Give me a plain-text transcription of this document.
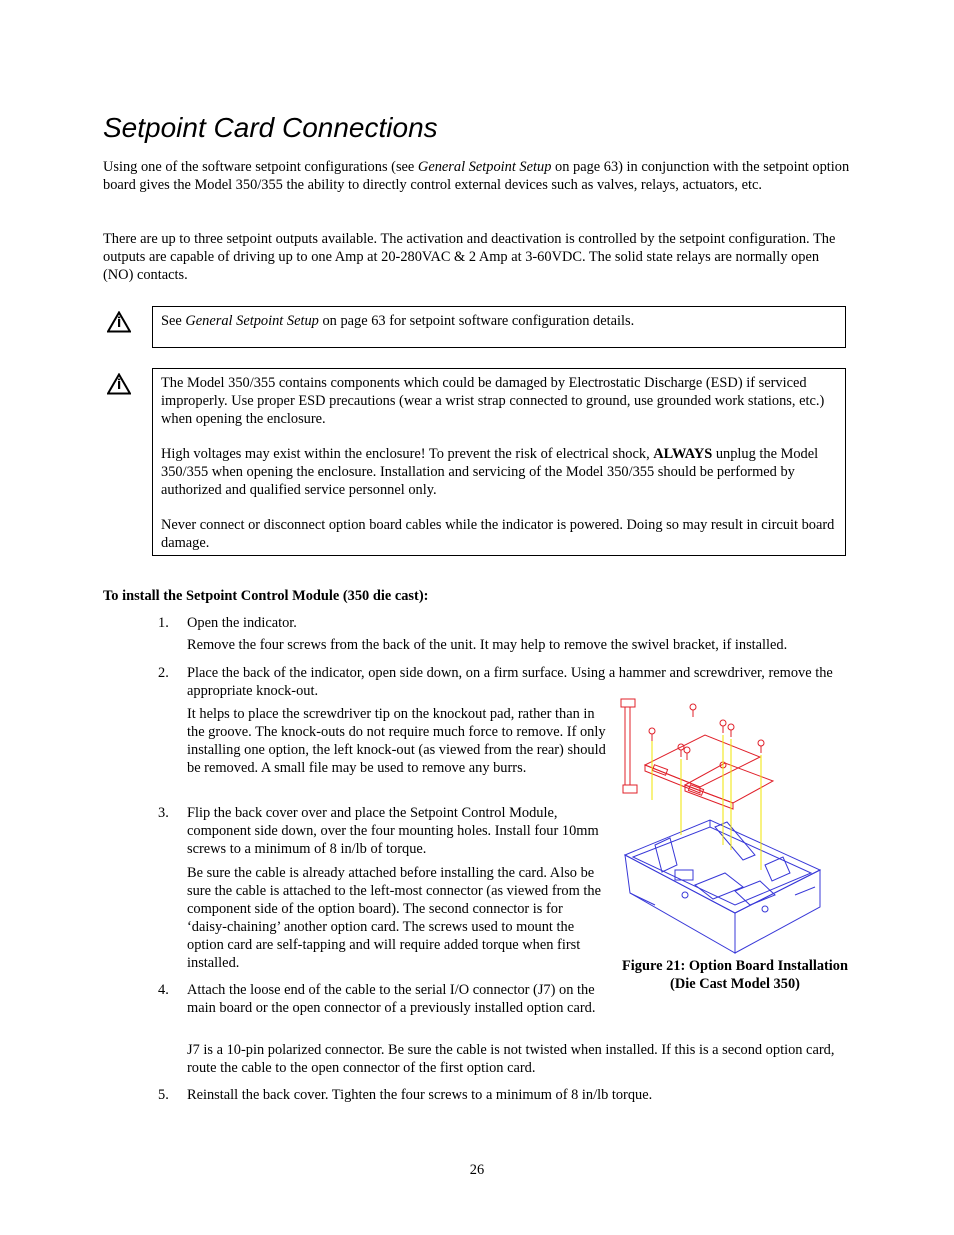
Setpoint Card Connections

Using one of the software setpoint configurations (see General Setpoint Setup on page 63) in conjunction with the setpoint option board gives the Model 350/355 the ability to directly control external devices such as valves, relays, actuators, etc.

There are up to three setpoint outputs available. The activation and deactivation is controlled by the setpoint configuration. The outputs are capable of driving up to one Amp at 20-280VAC & 2 Amp at 3-60VDC. The solid state relays are normally open (NO) contacts.

See General Setpoint Setup on page 63 for setpoint software configuration details.

The Model 350/355 contains components which could be damaged by Electrostatic Discharge (ESD) if serviced improperly. Use proper ESD precautions (wear a wrist strap connected to ground, use grounded work stations, etc.) when opening the enclosure.

High voltages may exist within the enclosure! To prevent the risk of electrical shock, ALWAYS unplug the Model 350/355 when opening the enclosure. Installation and servicing of the Model 350/355 should be performed by authorized and qualified service personnel only.

Never connect or disconnect option board cables while the indicator is powered. Doing so may result in circuit board damage.

To install the Setpoint Control Module (350 die cast):

1. Open the indicator.

Remove the four screws from the back of the unit. It may help to remove the swivel bracket, if installed.

2. Place the back of the indicator, open side down, on a firm surface. Using a hammer and screwdriver, remove the appropriate knock-out.

It helps to place the screwdriver tip on the knockout pad, rather than in the groove. The knock-outs do not require much force to remove. If only installing one option, the left knock-out (as viewed from the rear) should be removed. A small file may be used to remove any burrs.

3. Flip the back cover over and place the Setpoint Control Module, component side down, over the four mounting holes. Install four 10mm screws to a minimum of 8 in/lb of torque.

Be sure the cable is already attached before installing the card. Also be sure the cable is attached to the left-most connector (as viewed from the component side of the option board). The second connector is for ‘daisy-chaining’ another option card. The screws used to mount the option card are self-tapping and will require added torque when first installed.

4. Attach the loose end of the cable to the serial I/O connector (J7) on the main board or the open connector of a previously installed option card.

J7 is a 10-pin polarized connector. Be sure the cable is not twisted when installed. If this is a second option card, route the cable to the open connector of the first option card.

5. Reinstall the back cover. Tighten the four screws to a minimum of 8 in/lb torque.

Figure 21: Option Board Installation (Die Cast Model 350)

26
